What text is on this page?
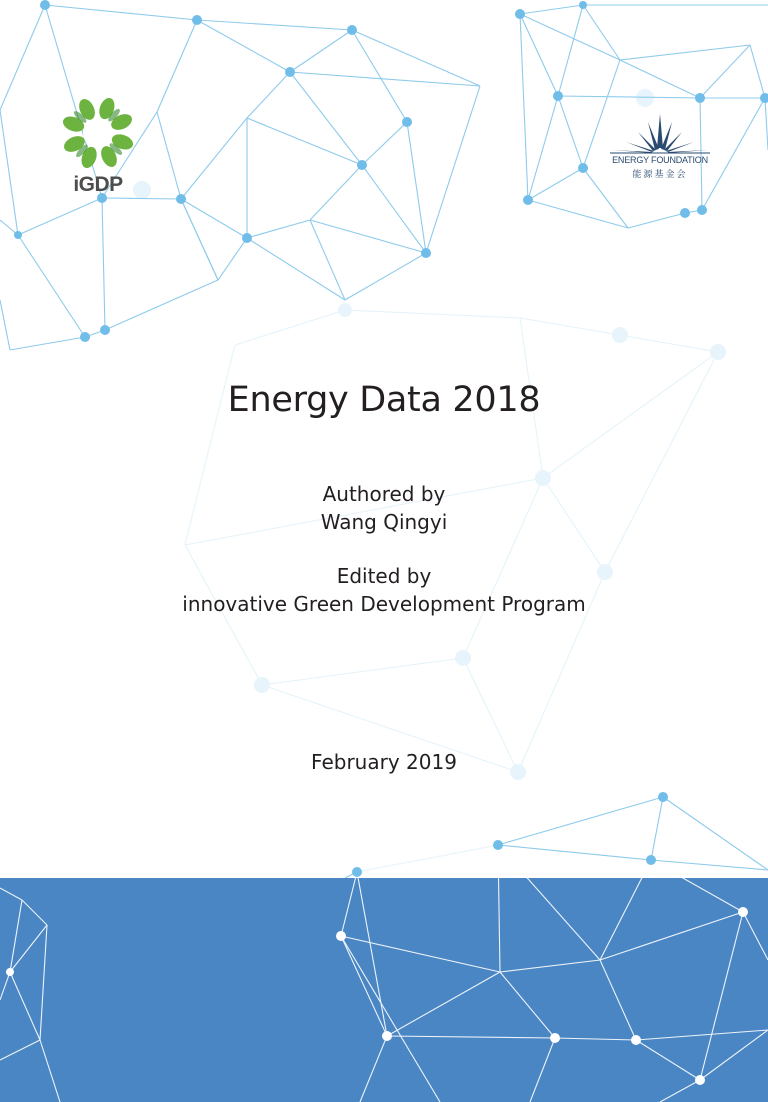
iGDP
ENERGY FOUNDATION
能源基金会
Energy Data 2018
Authored by
Wang Qingyi
Edited by
innovative Green Development Program
February 2019
